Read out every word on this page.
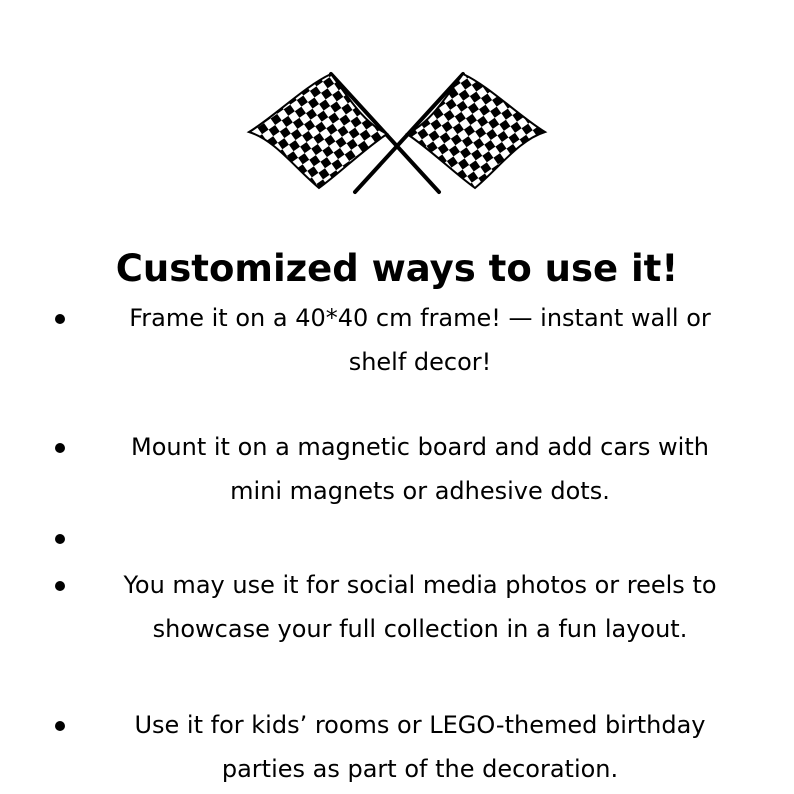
Customized ways to use it!
Frame it on a 40*40 cm frame! — instant wall or
shelf decor!
Mount it on a magnetic board and add cars with
mini magnets or adhesive dots.
You may use it for social media photos or reels to
showcase your full collection in a fun layout.
Use it for kids’ rooms or LEGO-themed birthday
parties as part of the decoration.
